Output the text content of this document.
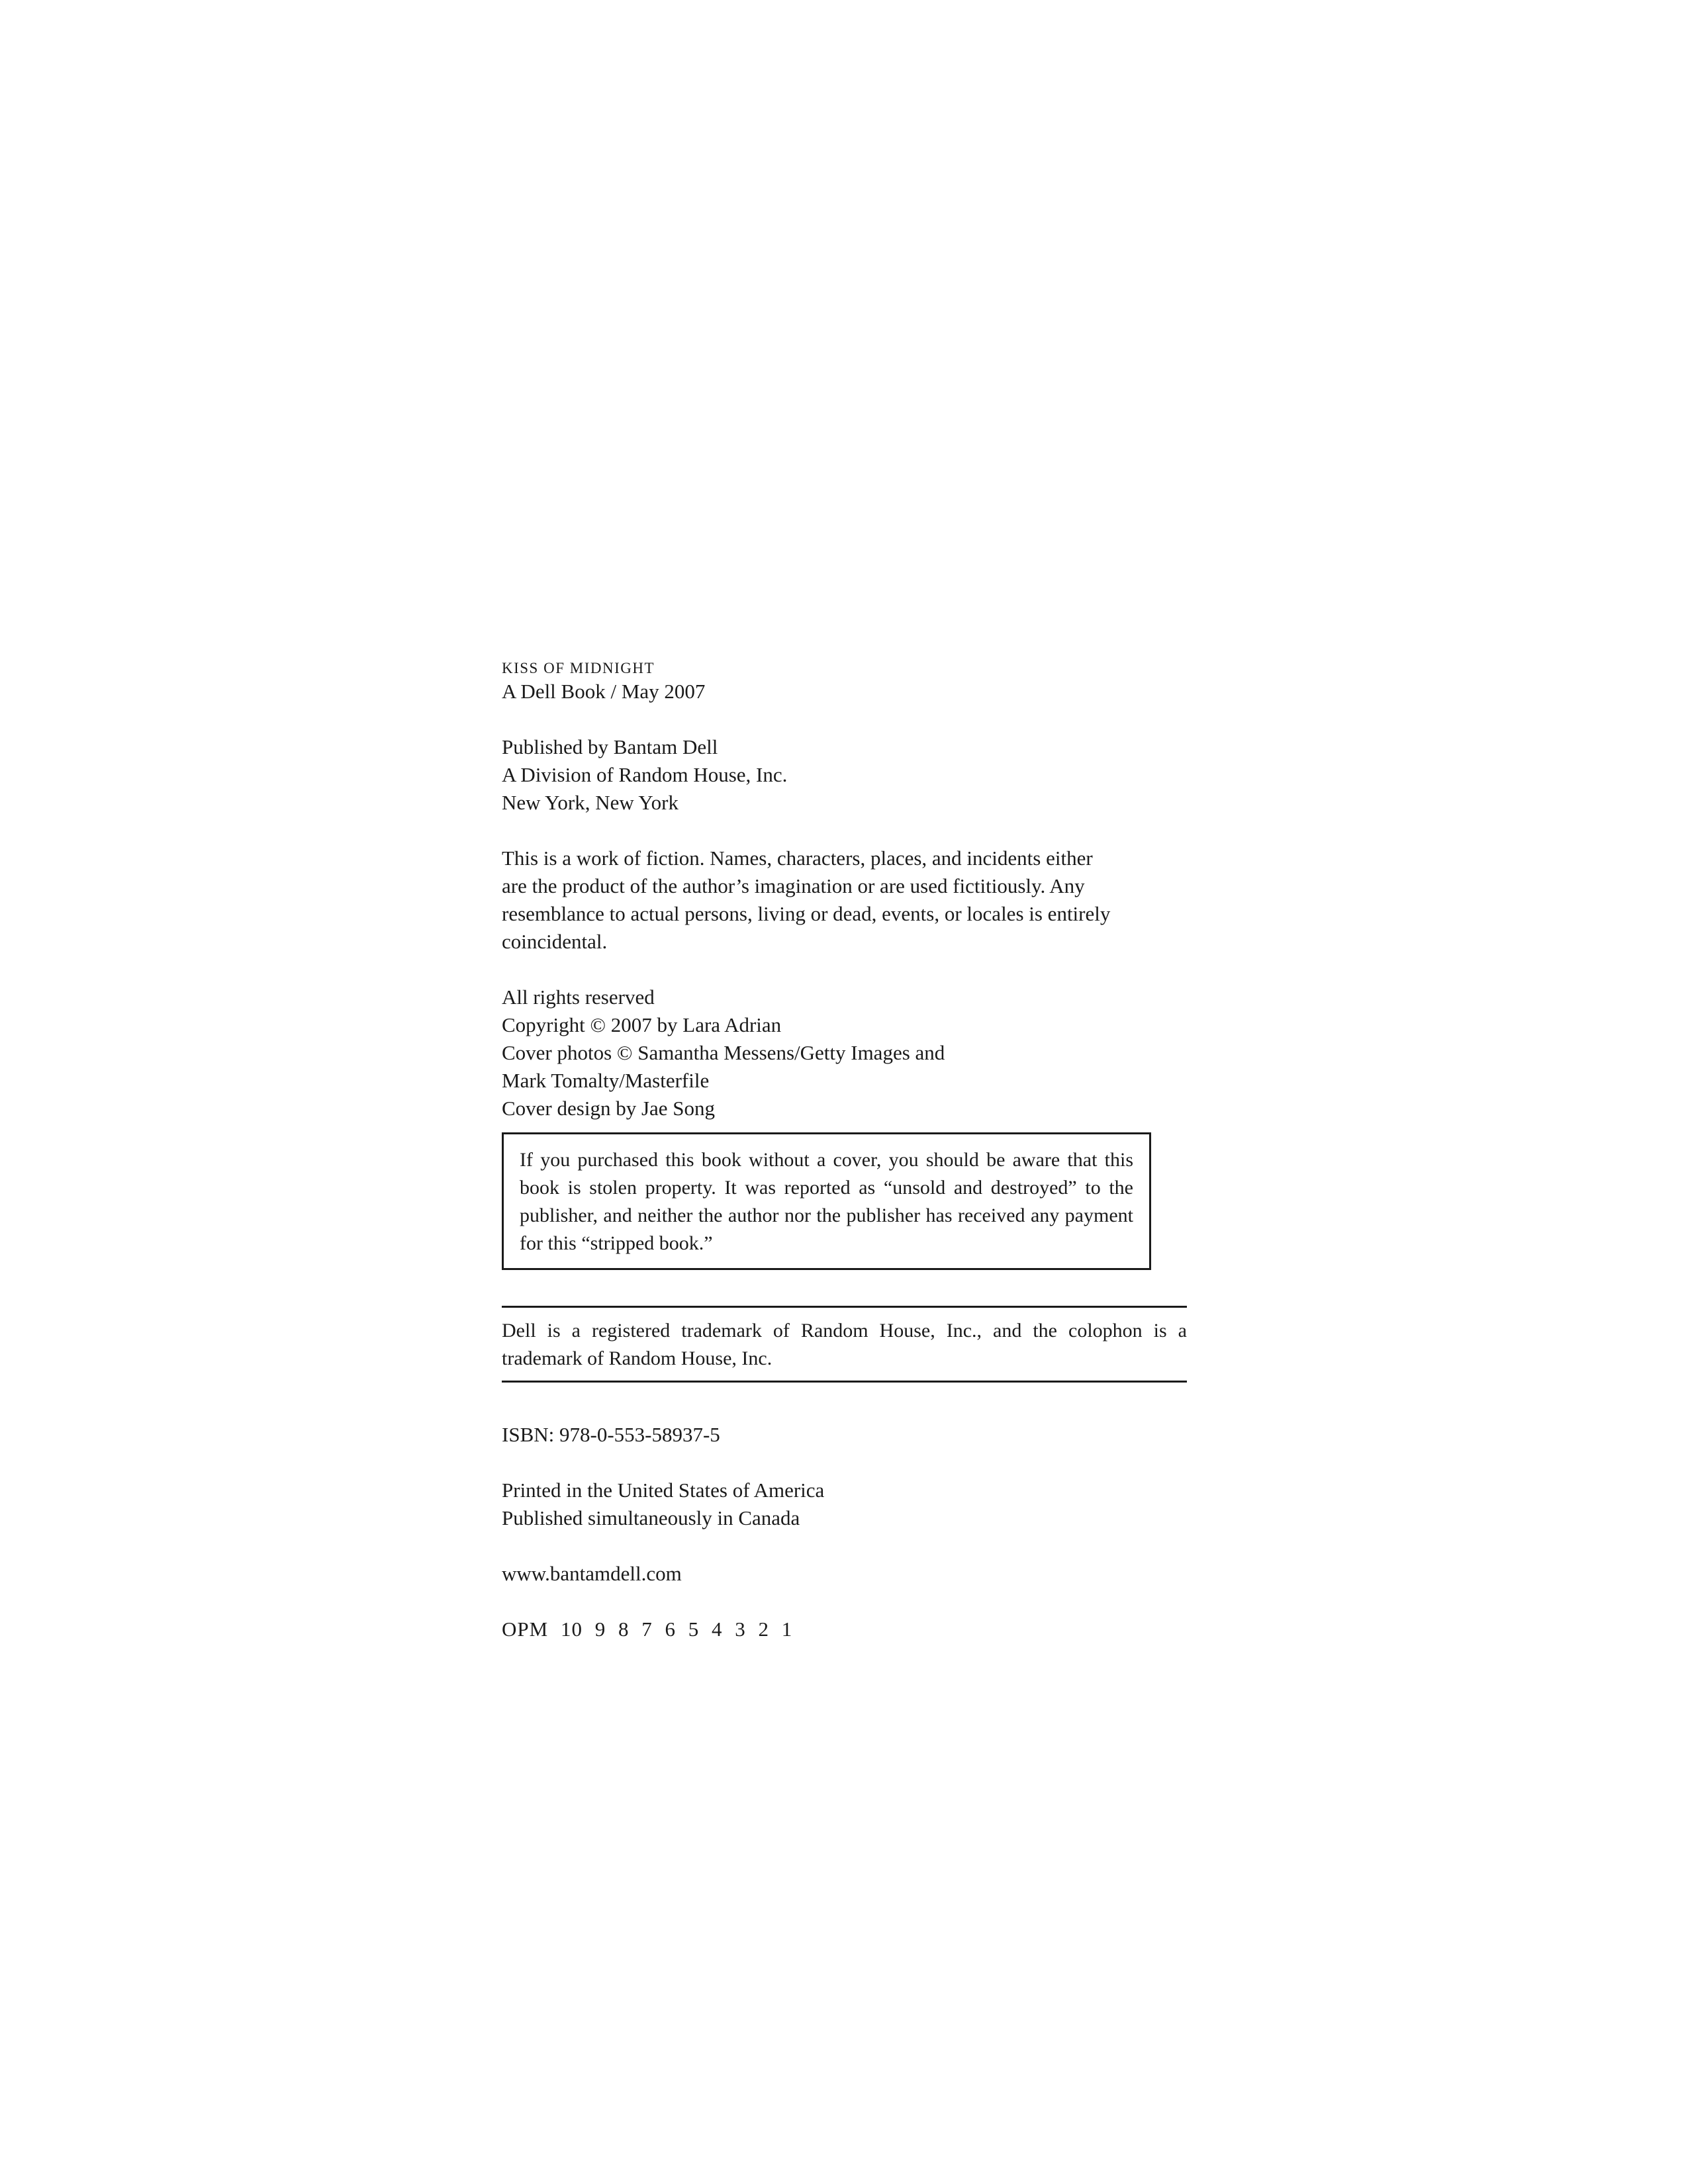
KISS OF MIDNIGHT
A Dell Book / May 2007
Published by Bantam Dell
A Division of Random House, Inc.
New York, New York
This is a work of fiction. Names, characters, places, and incidents either
are the product of the author’s imagination or are used fictitiously. Any
resemblance to actual persons, living or dead, events, or locales is entirely
coincidental.
All rights reserved
Copyright © 2007 by Lara Adrian
Cover photos © Samantha Messens/Getty Images and
Mark Tomalty/Masterfile
Cover design by Jae Song
If you purchased this book without a cover, you should be aware that this book is stolen property. It was reported as “unsold and destroyed” to the publisher, and neither the author nor the publisher has received any payment for this “stripped book.”
Dell is a registered trademark of Random House, Inc., and the colophon is a trademark of Random House, Inc.
ISBN: 978-0-553-58937-5
Printed in the United States of America
Published simultaneously in Canada
www.bantamdell.com
OPM 10 9 8 7 6 5 4 3 2 1
